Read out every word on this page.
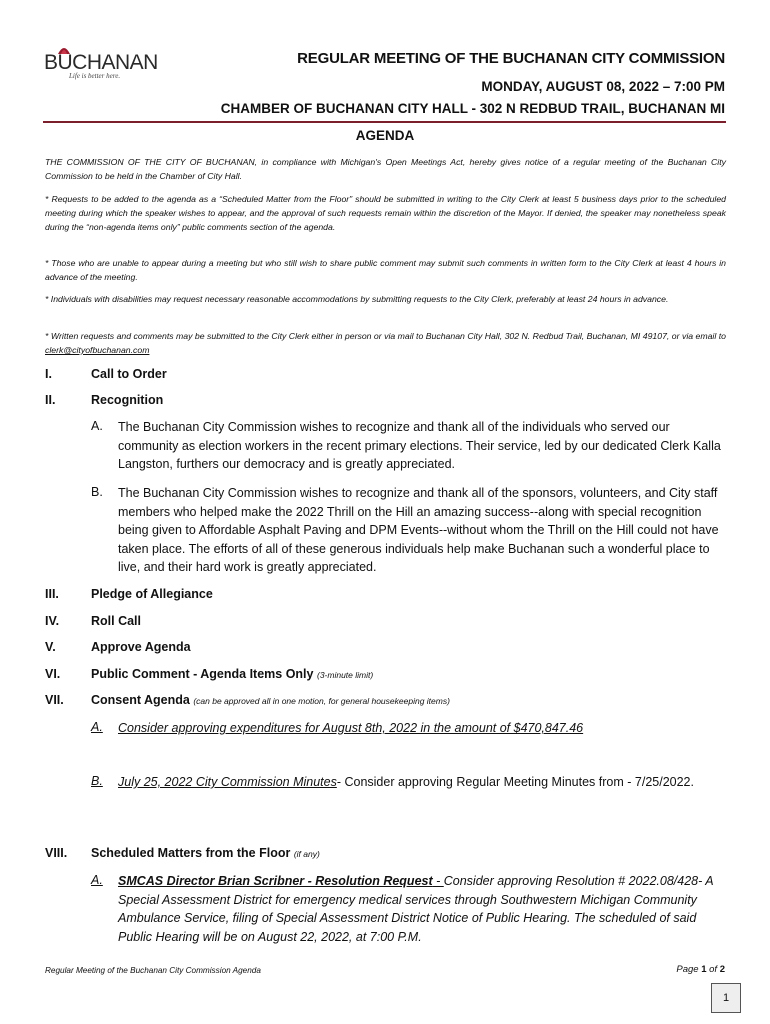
BUCHANAN
Life is better here.
REGULAR MEETING OF THE BUCHANAN CITY COMMISSION
MONDAY, AUGUST 08, 2022 – 7:00 PM
CHAMBER OF BUCHANAN CITY HALL - 302 N REDBUD TRAIL, BUCHANAN MI
AGENDA
THE COMMISSION OF THE CITY OF BUCHANAN, in compliance with Michigan's Open Meetings Act, hereby gives notice of a regular meeting of the Buchanan City Commission to be held in the Chamber of City Hall.
* Requests to be added to the agenda as a “Scheduled Matter from the Floor” should be submitted in writing to the City Clerk at least 5 business days prior to the scheduled meeting during which the speaker wishes to appear, and the approval of such requests remain within the discretion of the Mayor. If denied, the speaker may nonetheless speak during the “non-agenda items only” public comments section of the agenda.
* Those who are unable to appear during a meeting but who still wish to share public comment may submit such comments in written form to the City Clerk at least 4 hours in advance of the meeting.
* Individuals with disabilities may request necessary reasonable accommodations by submitting requests to the City Clerk, preferably at least 24 hours in advance.
* Written requests and comments may be submitted to the City Clerk either in person or via mail to Buchanan City Hall, 302 N. Redbud Trail, Buchanan, MI 49107, or via email to clerk@cityofbuchanan.com
I.	Call to Order
II.	Recognition
A. The Buchanan City Commission wishes to recognize and thank all of the individuals who served our community as election workers in the recent primary elections. Their service, led by our dedicated Clerk Kalla Langston, furthers our democracy and is greatly appreciated.
B. The Buchanan City Commission wishes to recognize and thank all of the sponsors, volunteers, and City staff members who helped make the 2022 Thrill on the Hill an amazing success--along with special recognition being given to Affordable Asphalt Paving and DPM Events--without whom the Thrill on the Hill could not have taken place. The efforts of all of these generous individuals help make Buchanan such a wonderful place to live, and their hard work is greatly appreciated.
III.	Pledge of Allegiance
IV.	Roll Call
V.	Approve Agenda
VI. Public Comment - Agenda Items Only (3-minute limit)
VII. Consent Agenda (can be approved all in one motion, for general housekeeping items)
A. Consider approving expenditures for August 8th, 2022 in the amount of $470,847.46
B. July 25, 2022 City Commission Minutes- Consider approving Regular Meeting Minutes from - 7/25/2022.
VIII. Scheduled Matters from the Floor (if any)
A. SMCAS Director Brian Scribner - Resolution Request - Consider approving Resolution # 2022.08/428- A Special Assessment District for emergency medical services through Southwestern Michigan Community Ambulance Service, filing of Special Assessment District Notice of Public Hearing. The scheduled of said Public Hearing will be on August 22, 2022, at 7:00 P.M.
Regular Meeting of the Buchanan City Commission Agenda	Page 1 of 2
1
